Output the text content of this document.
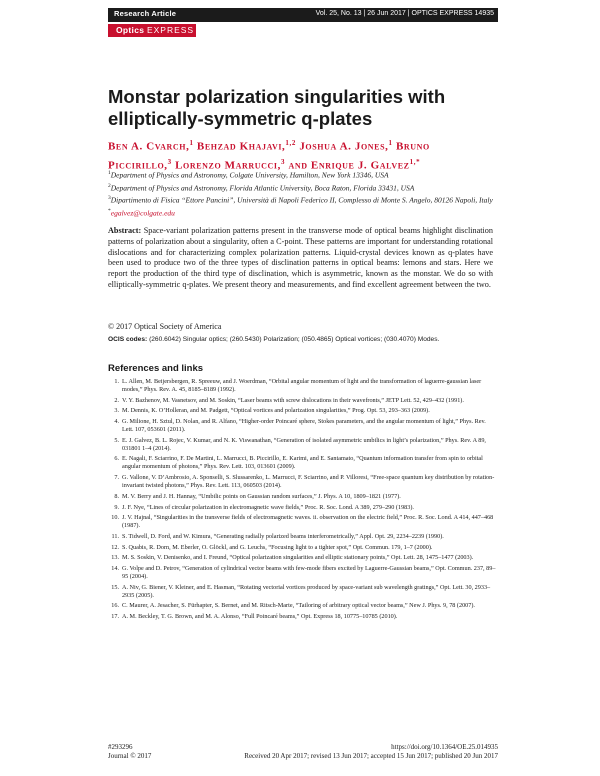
Research Article	Vol. 25, No. 13 | 26 Jun 2017 | OPTICS EXPRESS 14935
Optics EXPRESS
Monstar polarization singularities with elliptically-symmetric q-plates

Ben A. Cvarch,$^1$ Behzad Khajavi,$^{1,2}$ Joshua A. Jones,$^1$ Bruno Piccirillo,$^3$ Lorenzo Marrucci,$^3$ and Enrique J. Galvez$^{1,*}$

$^1$Department of Physics and Astronomy, Colgate University, Hamilton, New York 13346, USA
$^2$Department of Physics and Astronomy, Florida Atlantic University, Boca Raton, Florida 33431, USA
$^3$Dipartimento di Fisica “Ettore Pancini”, Università di Napoli Federico II, Complesso di Monte S. Angelo, 80126 Napoli, Italy
*egalvez@colgate.edu

Abstract: Space-variant polarization patterns present in the transverse mode of optical beams highlight disclination patterns of polarization about a singularity, often a C-point. These patterns are important for understanding rotational dislocations and for characterizing complex polarization patterns. Liquid-crystal devices known as q-plates have been used to produce two of the three types of disclination patterns in optical beams: lemons and stars. Here we report the production of the third type of disclination, which is asymmetric, known as the monstar. We do so with elliptically-symmetric q-plates. We present theory and measurements, and find excellent agreement between the two.

© 2017 Optical Society of America
OCIS codes: (260.6042) Singular optics; (260.5430) Polarization; (050.4865) Optical vortices; (030.4070) Modes.
References and links
1. L. Allen, M. Beijersbergen, R. Spreeuw, and J. Woerdman, “Orbital angular momentum of light and the transformation of laguerre-gaussian laser modes,” Phys. Rev. A. 45, 8185–8189 (1992).
2. V. Y. Bazhenov, M. Vasnetsov, and M. Soskin, “Laser beams with screw dislocations in their wavefronts,” JETP Lett. 52, 429–432 (1991).
3. M. Dennis, K. O’Holleran, and M. Padgett, “Optical vortices and polarization singularities,” Prog. Opt. 53, 293–363 (2009).
4. G. Milione, H. Sztul, D. Nolan, and R. Alfano, “Higher-order Poincaré sphere, Stokes parameters, and the angular momentum of light,” Phys. Rev. Lett. 107, 053601 (2011).
5. E. J. Galvez, B. L. Rojec, V. Kumar, and N. K. Viswanathan, “Generation of isolated asymmetric umbilics in light’s polarization,” Phys. Rev. A 89, 031801 1–4 (2014).
6. E. Nagali, F. Sciarrino, F. De Martini, L. Marrucci, B. Piccirillo, E. Karimi, and E. Santamato, “Quantum information transfer from spin to orbital angular momentum of photons,” Phys. Rev. Lett. 103, 013601 (2009).
7. G. Vallone, V. D’Ambrosio, A. Sponselli, S. Slussarenko, L. Marrucci, F. Sciarrino, and P. Villoresi, “Free-space quantum key distribution by rotation-invariant twisted photons,” Phys. Rev. Lett. 113, 060503 (2014).
8. M. V. Berry and J. H. Hannay, “Umbilic points on Gaussian random surfaces,” J. Phys. A 10, 1809–1821 (1977).
9. J. F. Nye, “Lines of circular polarization in electromagnetic wave fields,” Proc. R. Soc. Lond. A 389, 279–290 (1983).
10. J. V. Hajnal, “Singularities in the transverse fields of electromagnetic waves. ii. observation on the electric field,” Proc. R. Soc. Lond. A 414, 447–468 (1987).
11. S. Tidwell, D. Ford, and W. Kimura, “Generating radially polarized beams interferometrically,” Appl. Opt. 29, 2234–2239 (1990).
12. S. Quabis, R. Dorn, M. Eberler, O. Glöckl, and G. Leuchs, “Focusing light to a tighter spot,” Opt. Commun. 179, 1–7 (2000).
13. M. S. Soskin, V. Denisenko, and I. Freund, “Optical polarization singularities and elliptic stationary points,” Opt. Lett. 28, 1475–1477 (2003).
14. G. Volpe and D. Petrov, “Generation of cylindrical vector beams with few-mode fibers excited by Laguerre-Gaussian beams,” Opt. Commun. 237, 89–95 (2004).
15. A. Niv, G. Biener, V. Kleiner, and E. Hasman, “Rotating vectorial vortices produced by space-variant sub wavelength gratings,” Opt. Lett. 30, 2933–2935 (2005).
16. C. Maurer, A. Jesacher, S. Fürhapter, S. Bernet, and M. Ritsch-Marte, “Tailoring of arbitrary optical vector beams,” New J. Phys. 9, 78 (2007).
17. A. M. Beckley, T. G. Brown, and M. A. Alonso, “Full Poincaré beams,” Opt. Express 18, 10775–10785 (2010).
#293296	https://doi.org/10.1364/OE.25.014935
Journal © 2017	Received 20 Apr 2017; revised 13 Jun 2017; accepted 15 Jun 2017; published 20 Jun 2017
